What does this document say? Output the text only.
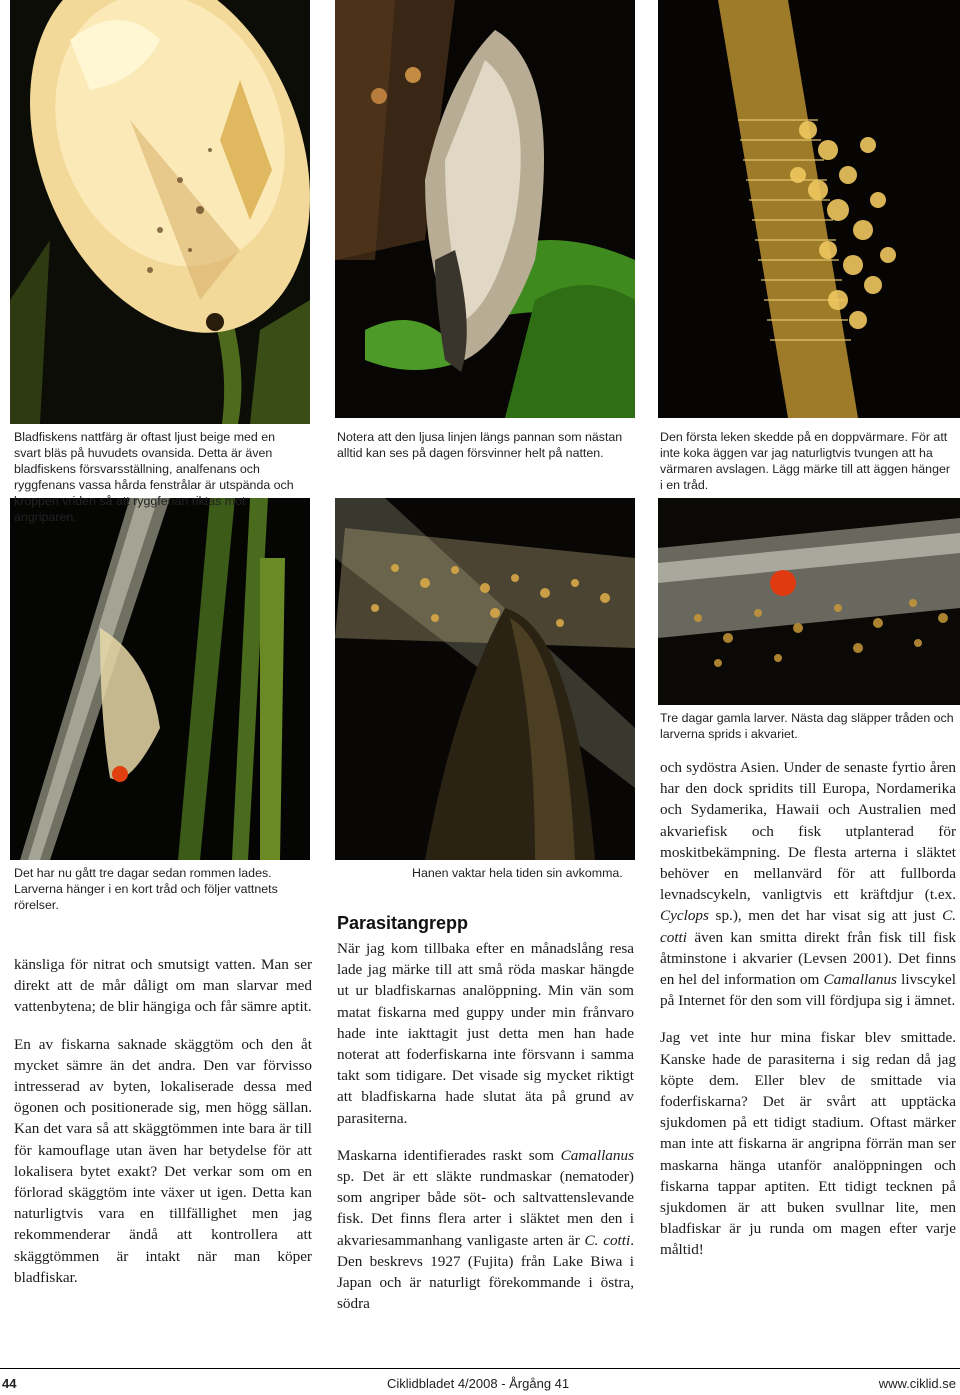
Bladfiskens nattfärg är oftast ljust beige med en svart bläs på huvudets ovansida. Detta är även bladfiskens försvarsställning, analfenans och ryggfenans vassa hårda fenstrålar är utspända och kroppen vriden så att ryggfenan riktas mot angriparen.

Notera att den ljusa linjen längs pannan som nästan alltid kan ses på dagen försvinner helt på natten.

Den första leken skedde på en doppvärmare. För att inte koka äggen var jag naturligtvis tvungen att ha värmaren avslagen. Lägg märke till att äggen hänger i en tråd.

Det har nu gått tre dagar sedan rommen lades. Larverna hänger i en kort tråd och följer vattnets rörelser.

Hanen vaktar hela tiden sin avkomma.

Tre dagar gamla larver. Nästa dag släpper tråden och larverna sprids i akvariet.

känsliga för nitrat och smutsigt vatten. Man ser direkt att de mår dåligt om man slarvar med vattenbytena; de blir hängiga och får sämre aptit.

En av fiskarna saknade skäggtöm och den åt mycket sämre än det andra. Den var förvisso intresserad av byten, lokaliserade dessa med ögonen och positionerade sig, men högg sällan. Kan det vara så att skäggtömmen inte bara är till för kamouflage utan även har betydelse för att lokalisera bytet exakt? Det verkar som om en förlorad skäggtöm inte växer ut igen. Detta kan naturligtvis vara en tillfällighet men jag rekommenderar ändå att kontrollera att skäggtömmen är intakt när man köper bladfiskar.

Parasitangrepp

När jag kom tillbaka efter en månadslång resa lade jag märke till att små röda maskar hängde ut ur bladfiskarnas analöppning. Min vän som matat fiskarna med guppy under min frånvaro hade inte iakttagit just detta men han hade noterat att foderfiskarna inte försvann i samma takt som tidigare. Det visade sig mycket riktigt att bladfiskarna hade slutat äta på grund av parasiterna.

Maskarna identifierades raskt som Camallanus sp. Det är ett släkte rundmaskar (nematoder) som angriper både söt- och saltvattenslevande fisk. Det finns flera arter i släktet men den i akvariesammanhang vanligaste arten är C. cotti. Den beskrevs 1927 (Fujita) från Lake Biwa i Japan och är naturligt förekommande i östra, södra

och sydöstra Asien. Under de senaste fyrtio åren har den dock spridits till Europa, Nordamerika och Sydamerika, Hawaii och Australien med akvariefisk och fisk utplanterad för moskitbekämpning. De flesta arterna i släktet behöver en mellanvärd för att fullborda levnadscykeln, vanligtvis ett kräftdjur (t.ex. Cyclops sp.), men det har visat sig att just C. cotti även kan smitta direkt från fisk till fisk åtminstone i akvarier (Levsen 2001). Det finns en hel del information om Camallanus livscykel på Internet för den som vill fördjupa sig i ämnet.

Jag vet inte hur mina fiskar blev smittade. Kanske hade de parasiterna i sig redan då jag köpte dem. Eller blev de smittade via foderfiskarna? Det är svårt att upptäcka sjukdomen på ett tidigt stadium. Oftast märker man inte att fiskarna är angripna förrän man ser maskarna hänga utanför analöppningen och fiskarna tappar aptiten. Ett tidigt tecknen på sjukdomen är att buken svullnar lite, men bladfiskar är ju runda om magen efter varje måltid!

44	Ciklidbladet 4/2008 - Årgång 41	www.ciklid.se
